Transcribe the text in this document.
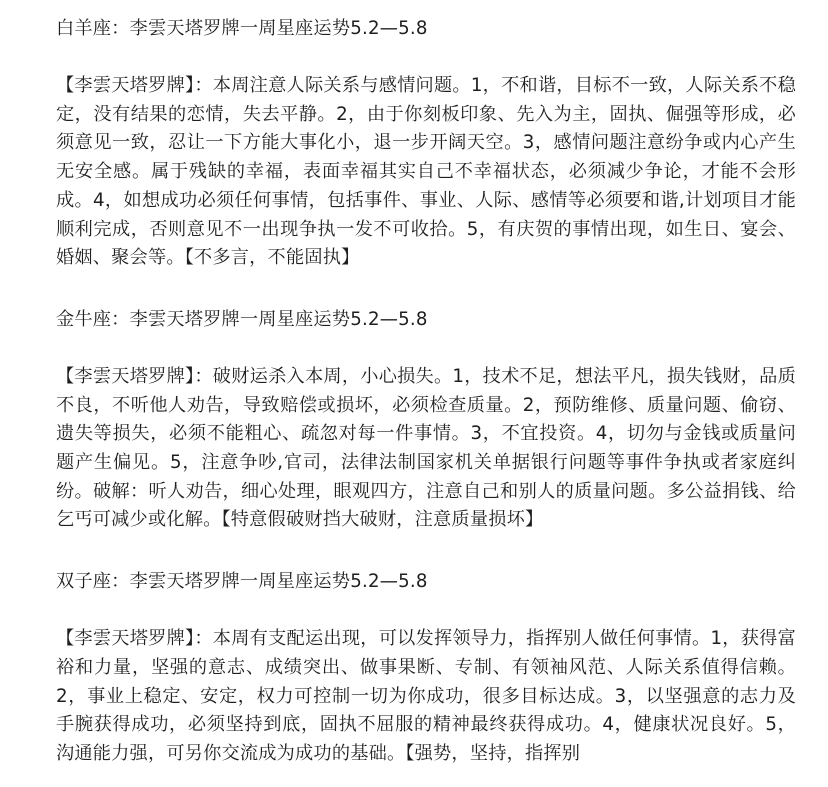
白羊座：李雲天塔罗牌一周星座运势5.2—5.8

【李雲天塔罗牌】：本周注意人际关系与感情问题。1，不和谐，目标不一致，人际关系不稳定，没有结果的恋情，失去平静。2，由于你刻板印象、先入为主，固执、倔强等形成，必须意见一致，忍让一下方能大事化小，退一步开阔天空。3，感情问题注意纷争或内心产生无安全感。属于残缺的幸福，表面幸福其实自己不幸福状态，必须减少争论，才能不会形成。4，如想成功必须任何事情，包括事件、事业、人际、感情等必须要和谐,计划项目才能顺利完成，否则意见不一出现争执一发不可收拾。5，有庆贺的事情出现，如生日、宴会、婚姻、聚会等。【不多言，不能固执】

金牛座：李雲天塔罗牌一周星座运势5.2—5.8

【李雲天塔罗牌】：破财运杀入本周，小心损失。1，技术不足，想法平凡，损失钱财，品质不良，不听他人劝告，导致赔偿或损坏，必须检查质量。2，预防维修、质量问题、偷窃、遗失等损失，必须不能粗心、疏忽对每一件事情。3，不宜投资。4，切勿与金钱或质量问题产生偏见。5，注意争吵,官司，法律法制国家机关单据银行问题等事件争执或者家庭纠纷。破解：听人劝告，细心处理，眼观四方，注意自己和别人的质量问题。多公益捐钱、给乞丐可减少或化解。【特意假破财挡大破财，注意质量损坏】

双子座：李雲天塔罗牌一周星座运势5.2—5.8

【李雲天塔罗牌】：本周有支配运出现，可以发挥领导力，指挥别人做任何事情。1，获得富裕和力量，坚强的意志、成绩突出、做事果断、专制、有领袖风范、人际关系值得信赖。2，事业上稳定、安定，权力可控制一切为你成功，很多目标达成。3，以坚强意的志力及手腕获得成功，必须坚持到底，固执不屈服的精神最终获得成功。4，健康状况良好。5，沟通能力强，可另你交流成为成功的基础。【强势，坚持，指挥别
